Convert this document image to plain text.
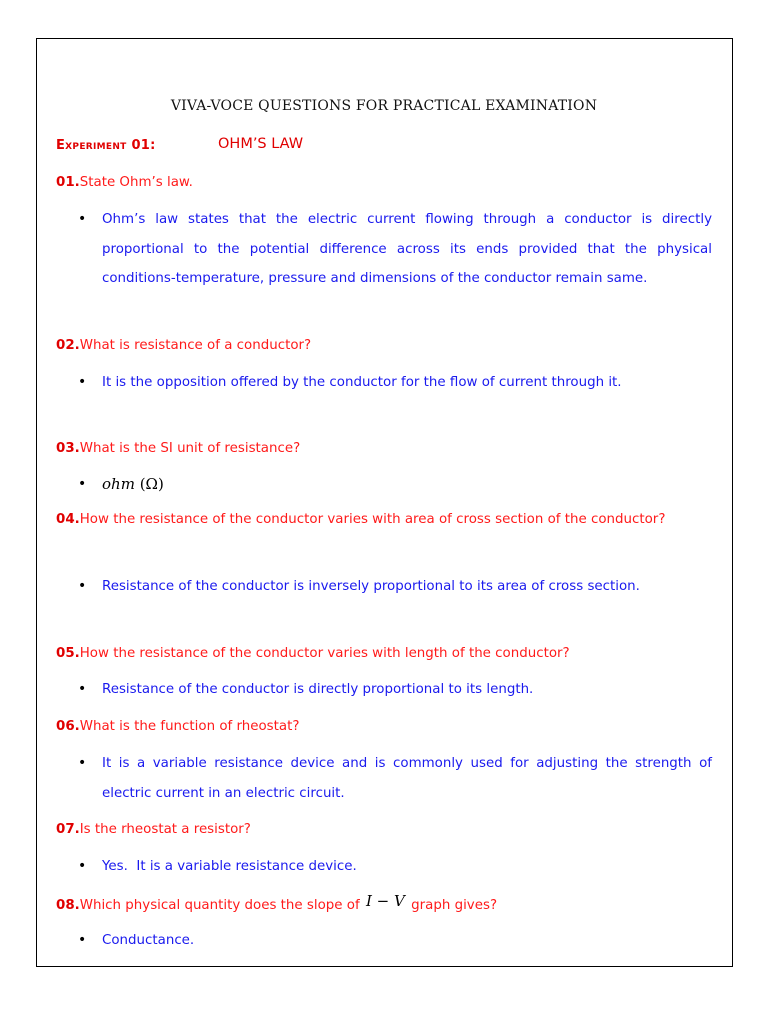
VIVA-VOCE QUESTIONS FOR PRACTICAL EXAMINATION
Experiment 01:	OHM’S LAW
01.State Ohm’s law.
• Ohm’s law states that the electric current flowing through a conductor is directly proportional to the potential difference across its ends provided that the physical conditions-temperature, pressure and dimensions of the conductor remain same.
02.What is resistance of a conductor?
• It is the opposition offered by the conductor for the flow of current through it.
03.What is the SI unit of resistance?
• ohm (Ω)
04.How the resistance of the conductor varies with area of cross section of the conductor?
• Resistance of the conductor is inversely proportional to its area of cross section.
05.How the resistance of the conductor varies with length of the conductor?
• Resistance of the conductor is directly proportional to its length.
06.What is the function of rheostat?
• It is a variable resistance device and is commonly used for adjusting the strength of electric current in an electric circuit.
07.Is the rheostat a resistor?
• Yes.  It is a variable resistance device.
08.Which physical quantity does the slope of I − V graph gives?
• Conductance.
